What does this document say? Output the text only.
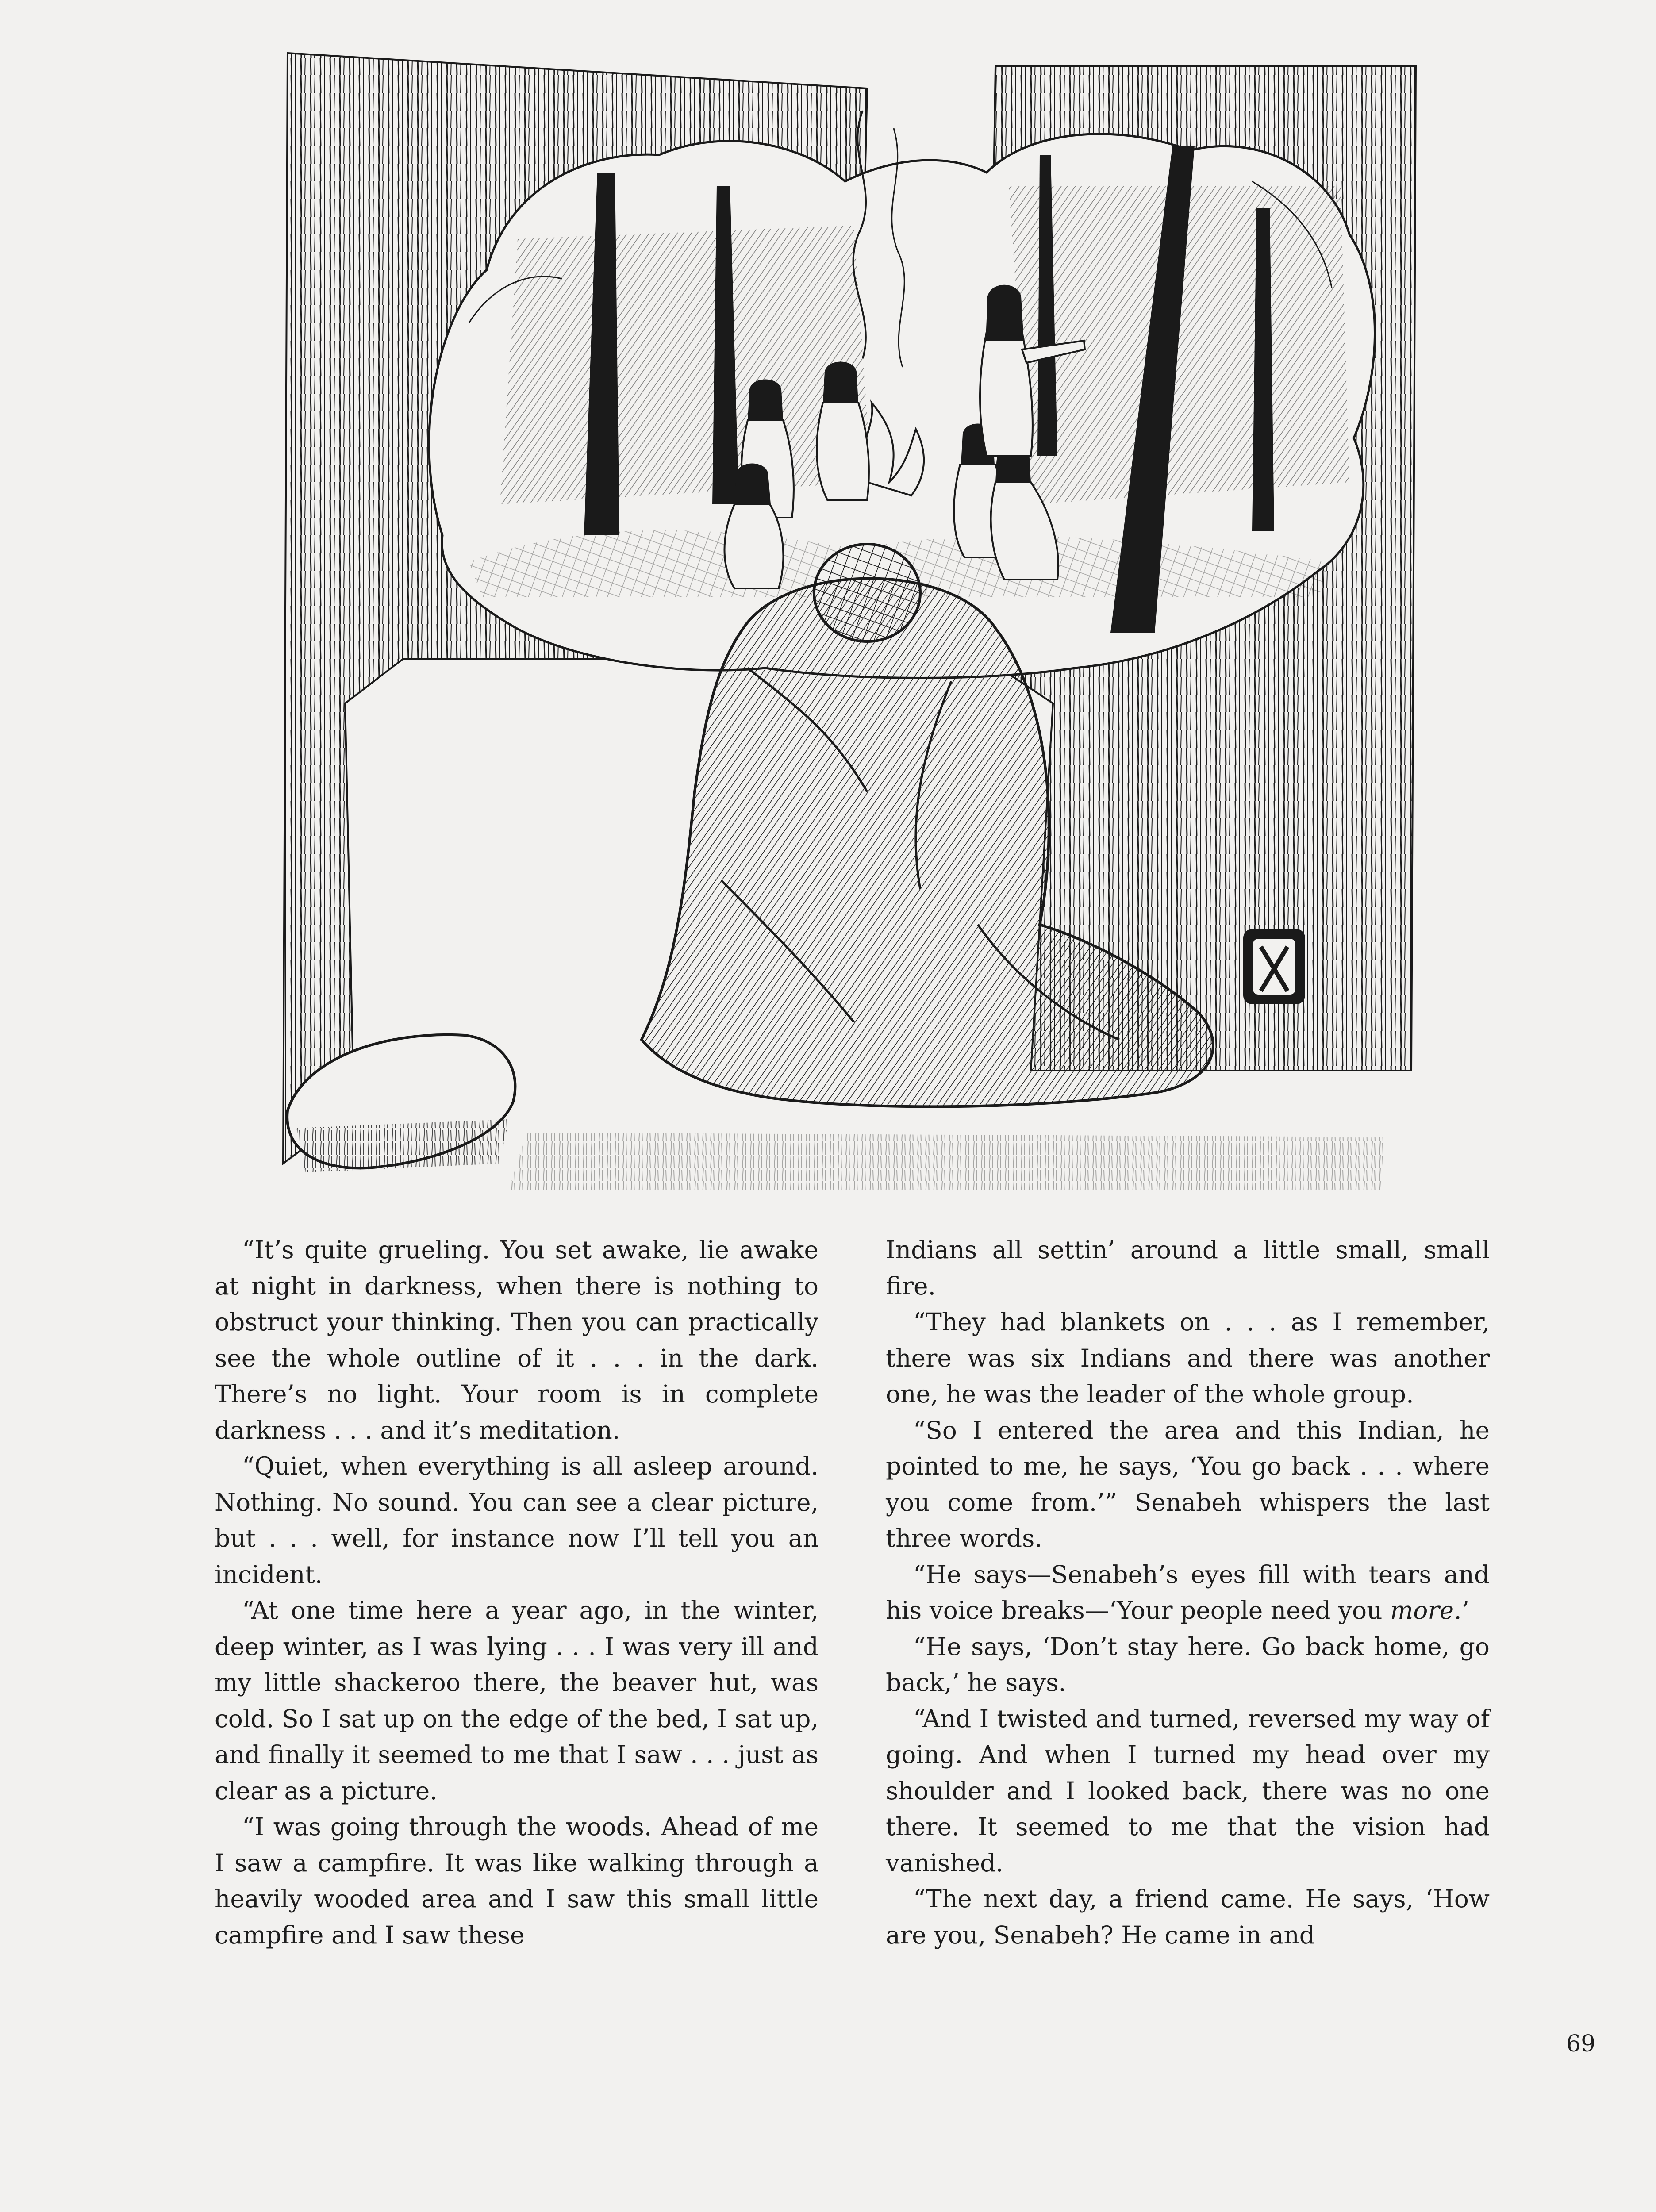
“It’s quite grueling. You set awake, lie awake at night in darkness, when there is nothing to obstruct your thinking. Then you can practically see the whole outline of it . . . in the dark. There’s no light. Your room is in complete darkness . . . and it’s meditation.

“Quiet, when everything is all asleep around. Nothing. No sound. You can see a clear picture, but . . . well, for instance now I’ll tell you an incident.

“At one time here a year ago, in the winter, deep winter, as I was lying . . . I was very ill and my little shackeroo there, the beaver hut, was cold. So I sat up on the edge of the bed, I sat up, and finally it seemed to me that I saw . . . just as clear as a picture.

“I was going through the woods. Ahead of me I saw a campfire. It was like walking through a heavily wooded area and I saw this small little campfire and I saw these

Indians all settin’ around a little small, small fire.

“They had blankets on . . . as I remember, there was six Indians and there was another one, he was the leader of the whole group.

“So I entered the area and this Indian, he pointed to me, he says, ‘You go back . . . where you come from.’” Senabeh whispers the last three words.

“He says—Senabeh’s eyes fill with tears and his voice breaks—‘Your people need you more.’

“He says, ‘Don’t stay here. Go back home, go back,’ he says.

“And I twisted and turned, reversed my way of going. And when I turned my head over my shoulder and I looked back, there was no one there. It seemed to me that the vision had vanished.

“The next day, a friend came. He says, ‘How are you, Senabeh? He came in and

69
